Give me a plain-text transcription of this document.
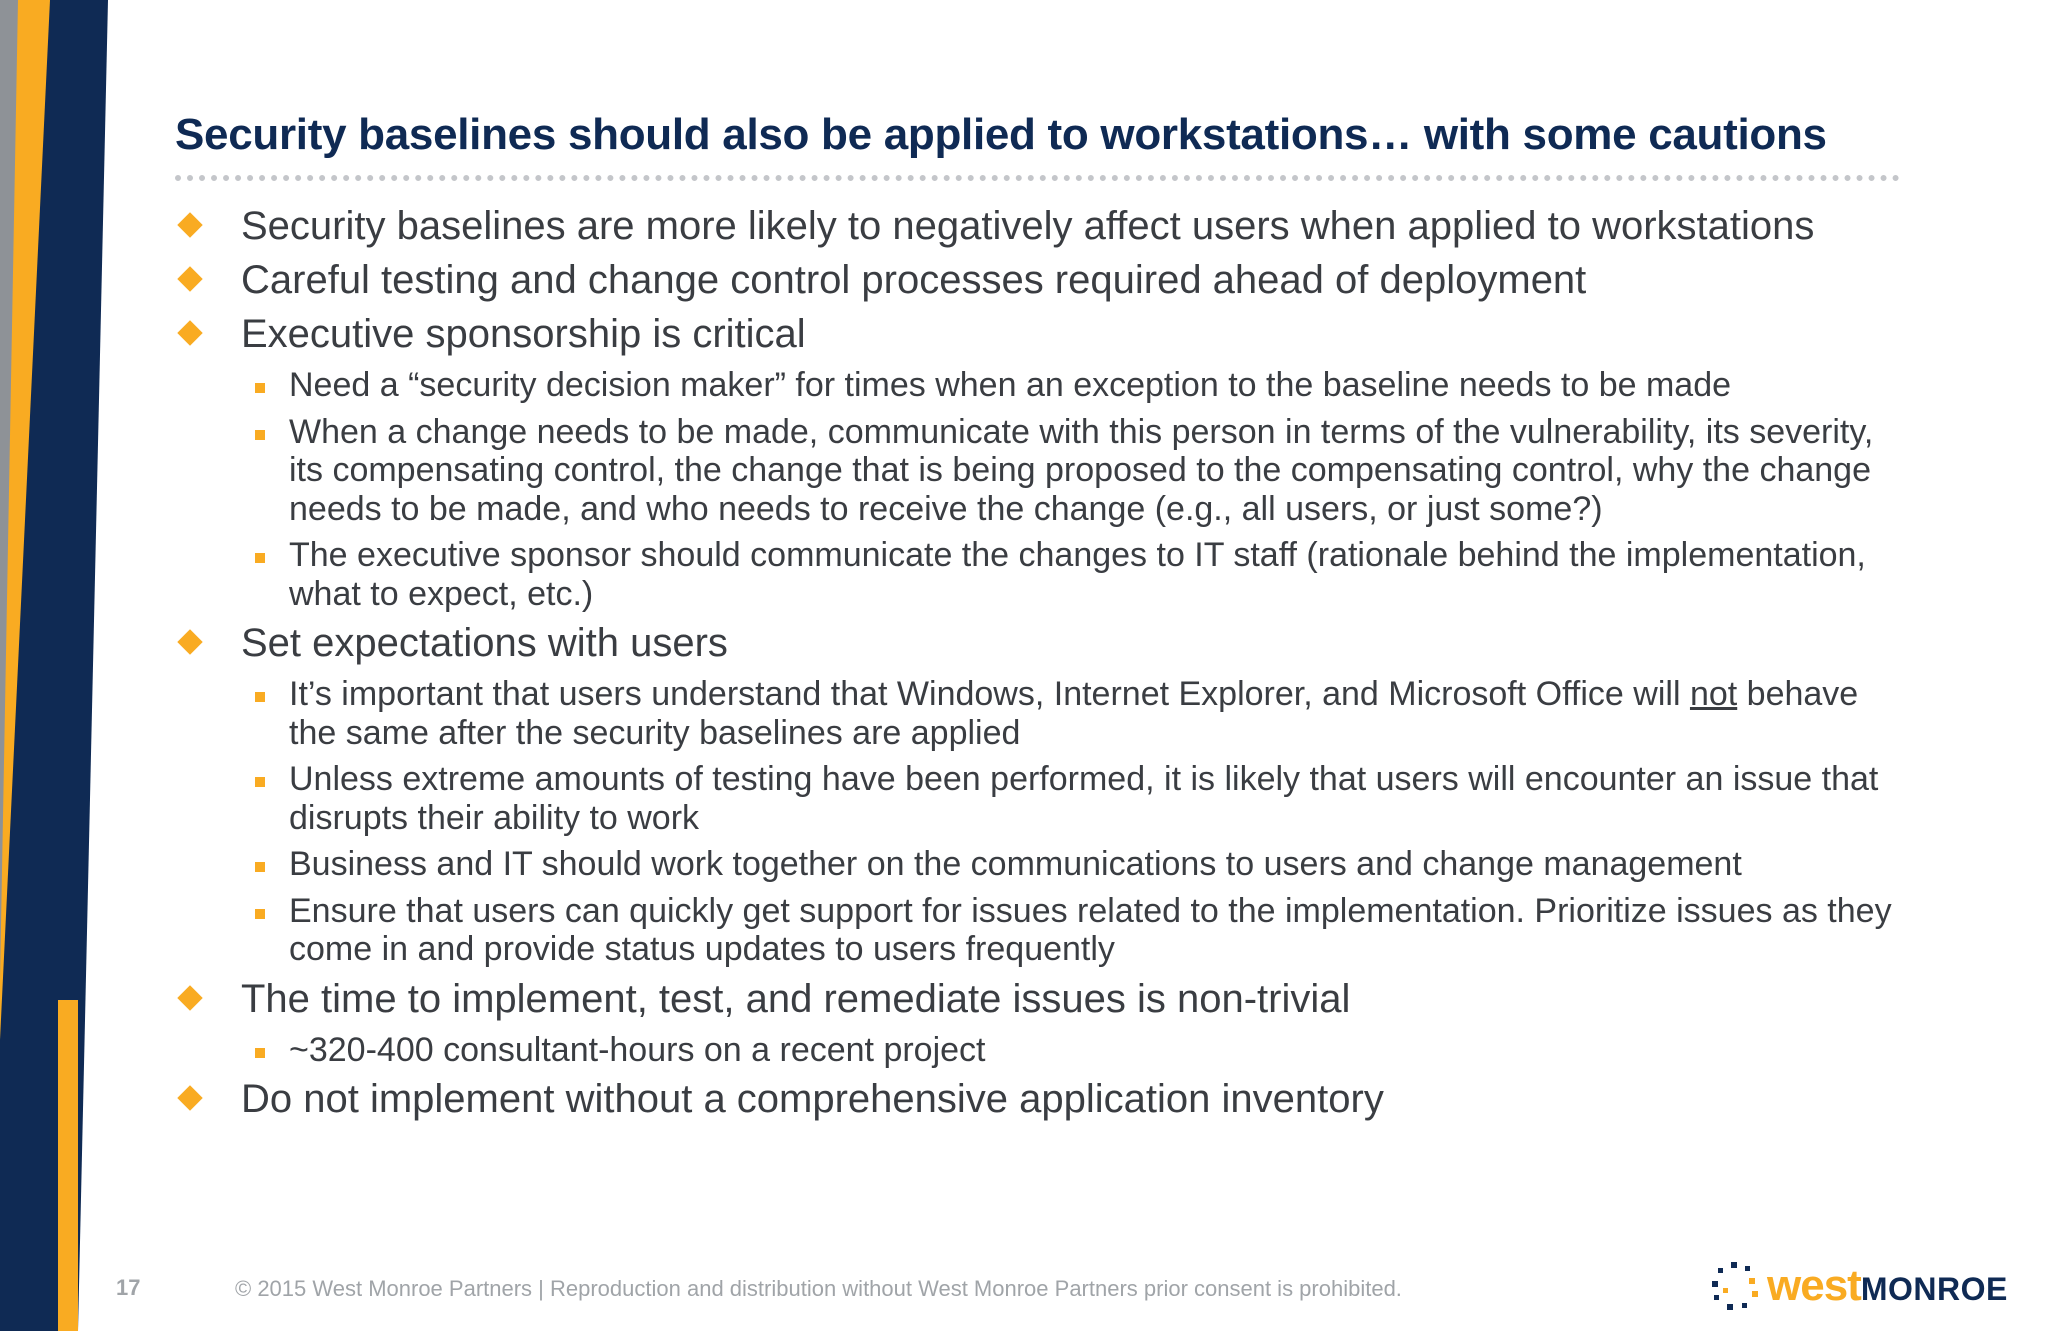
Security baselines should also be applied to workstations… with some cautions
Security baselines are more likely to negatively affect users when applied to workstations
Careful testing and change control processes required ahead of deployment
Executive sponsorship is critical
Need a “security decision maker” for times when an exception to the baseline needs to be made
When a change needs to be made, communicate with this person in terms of the vulnerability, its severity, its compensating control, the change that is being proposed to the compensating control, why the change needs to be made, and who needs to receive the change (e.g., all users, or just some?)
The executive sponsor should communicate the changes to IT staff (rationale behind the implementation, what to expect, etc.)
Set expectations with users
It’s important that users understand that Windows, Internet Explorer, and Microsoft Office will not behave the same after the security baselines are applied
Unless extreme amounts of testing have been performed, it is likely that users will encounter an issue that disrupts their ability to work
Business and IT should work together on the communications to users and change management
Ensure that users can quickly get support for issues related to the implementation. Prioritize issues as they come in and provide status updates to users frequently
The time to implement, test, and remediate issues is non-trivial
~320-400 consultant-hours on a recent project
Do not implement without a comprehensive application inventory
17	© 2015 West Monroe Partners | Reproduction and distribution without West Monroe Partners prior consent is prohibited.	westMONROE
